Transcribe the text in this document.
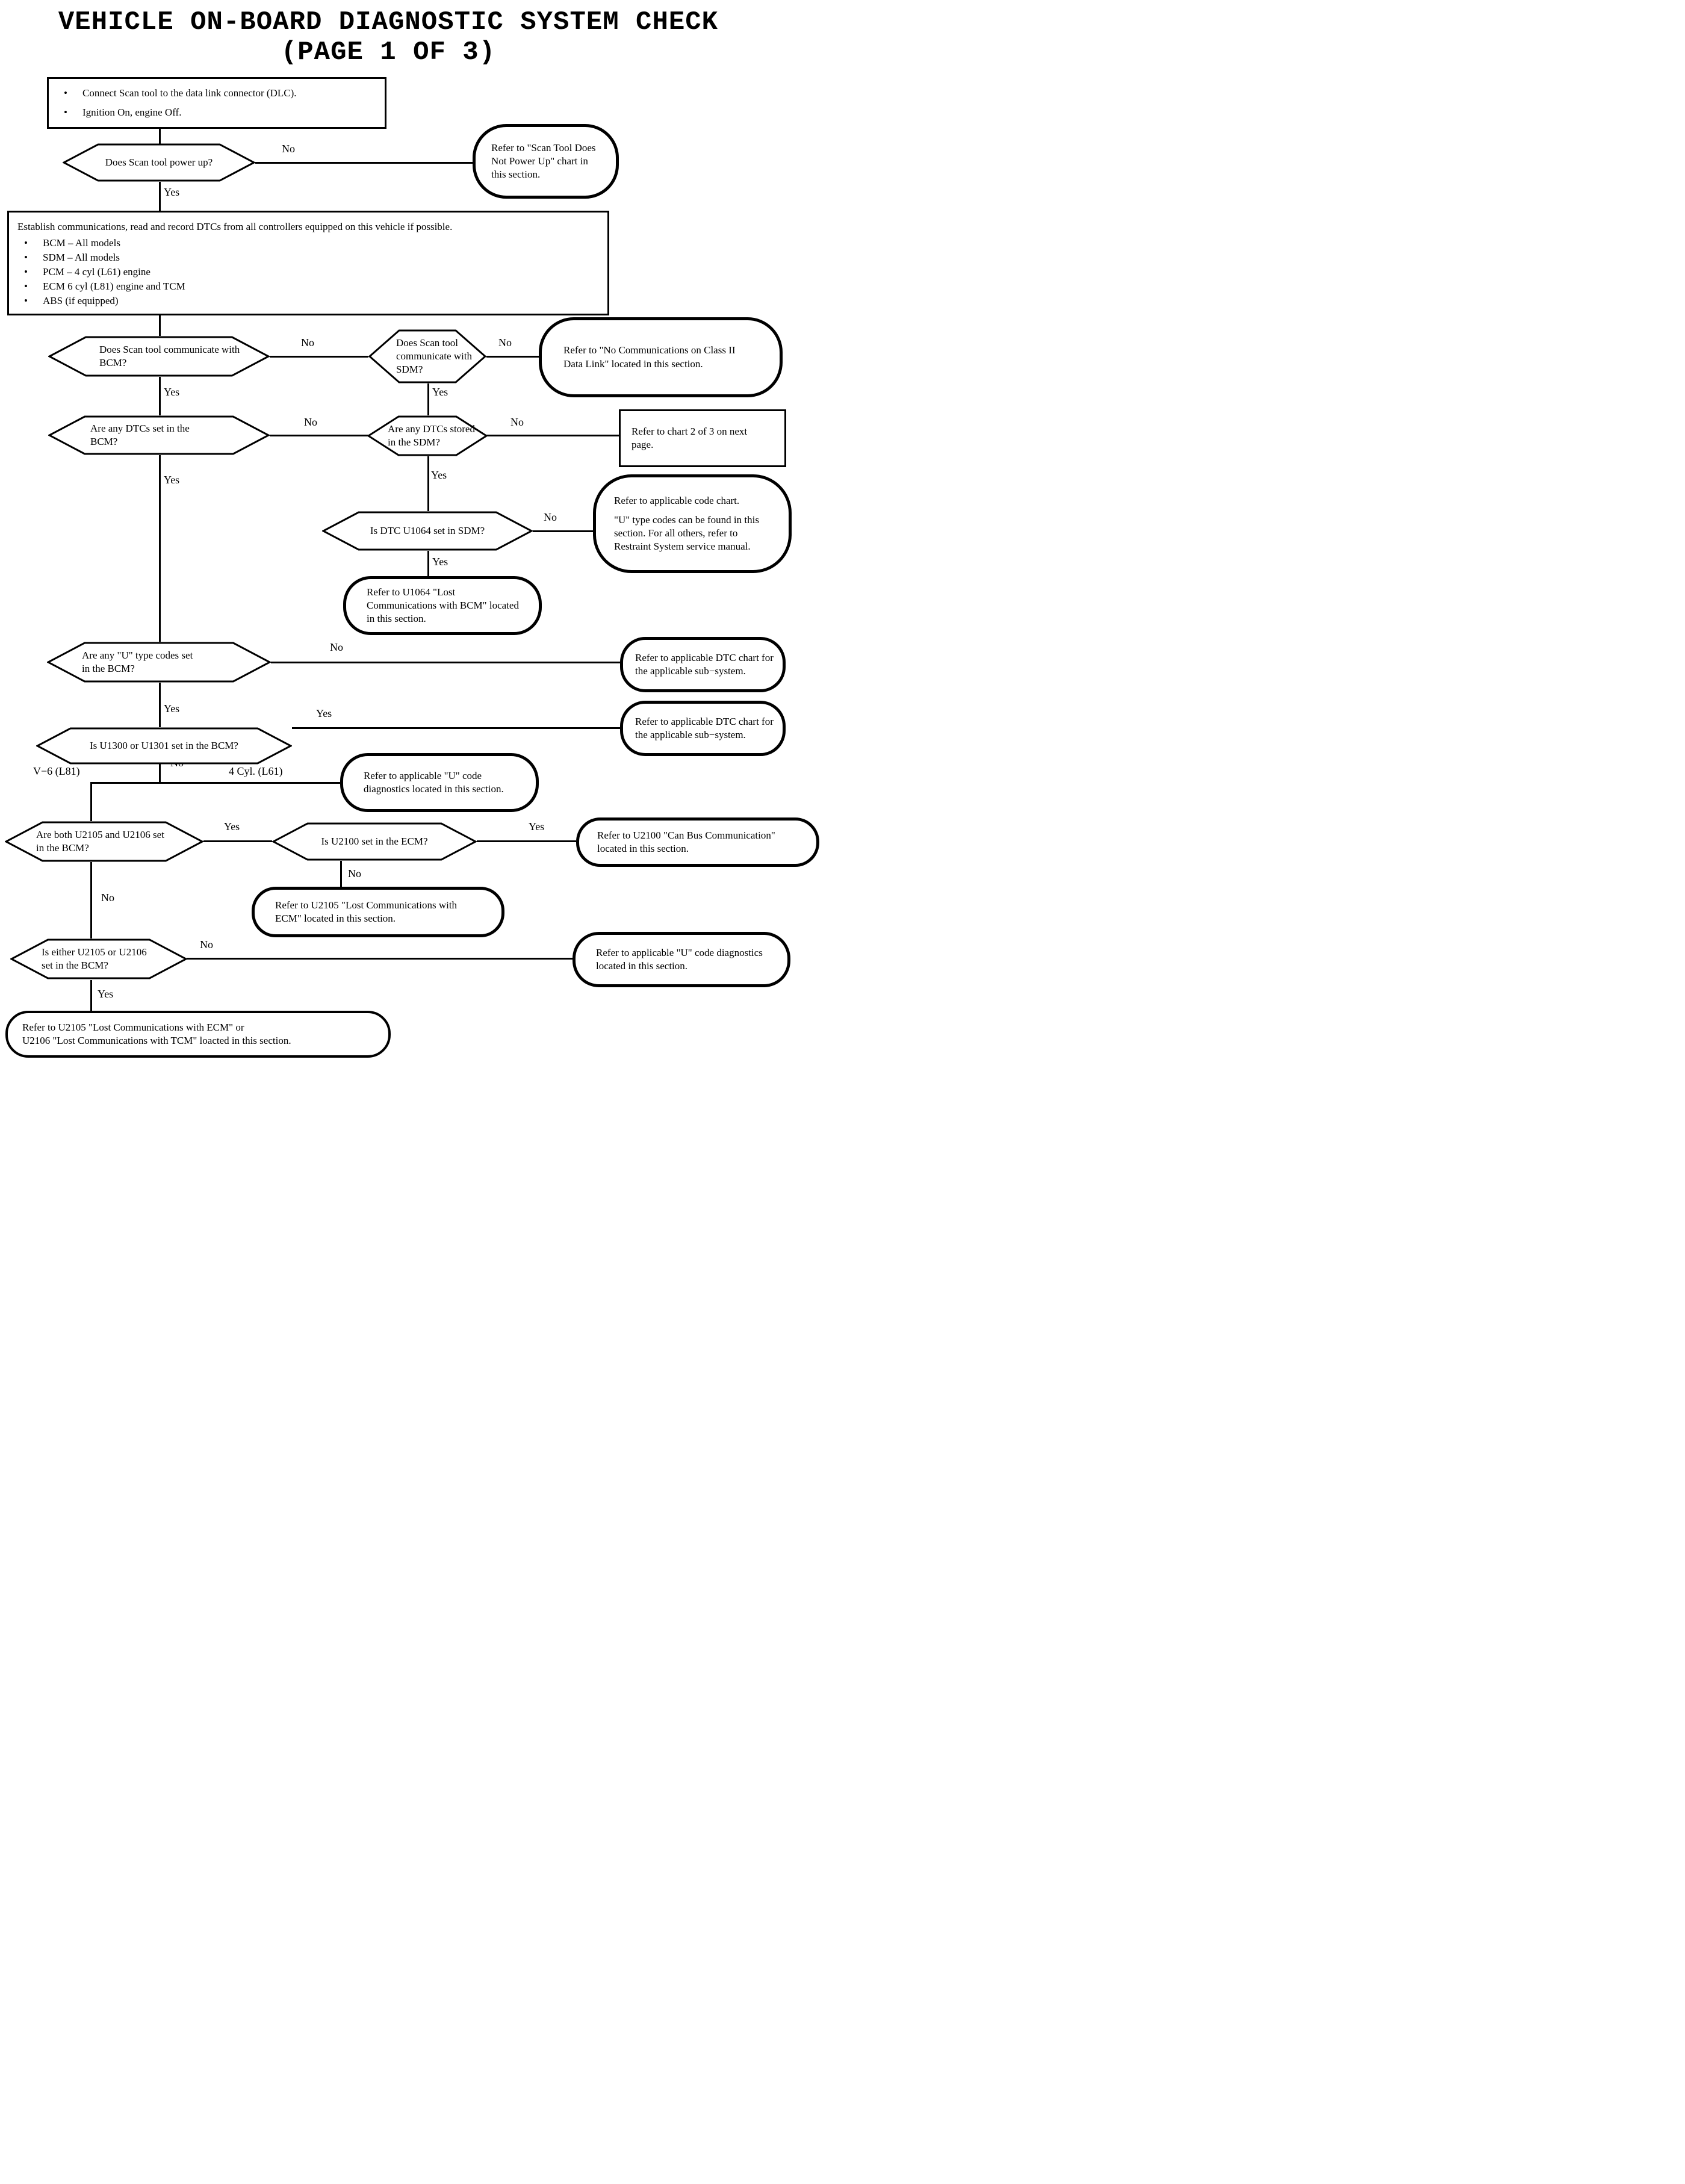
VEHICLE ON-BOARD DIAGNOSTIC SYSTEM CHECK
(PAGE 1 OF 3)
No
Yes
No	No
Yes	Yes
No	No
Yes	Yes
No
Yes
No
Yes	Yes
V−6 (L81)	4 Cyl. (L61)
Yes	Yes
No
No
No
Yes
•	Connect Scan tool to the data link connector (DLC).
•	Ignition On, engine Off.
Does Scan tool power up?
Refer to "Scan Tool Does Not Power Up" chart in this section.
Establish communications, read and record DTCs from all controllers equipped on this vehicle if possible.
•	BCM – All models
•	SDM – All models
•	PCM – 4 cyl (L61) engine
•	ECM 6 cyl (L81) engine and TCM
•	ABS (if equipped)
Does Scan tool communicate with BCM?
Does Scan tool communicate with SDM?
Refer to "No Communications on Class II Data Link" located in this section.
Are any DTCs set in the BCM?
Are any DTCs stored in the SDM?
Refer to chart 2 of 3 on next page.
Is DTC U1064 set in SDM?
Refer to applicable code chart.
"U" type codes can be found in this section. For all others, refer to Restraint System service manual.
Refer to U1064 "Lost Communications with BCM" located in this section.
Are any "U" type codes set in the BCM?
Refer to applicable DTC chart for the applicable sub−system.
Is U1300 or U1301 set in the BCM?
Refer to applicable DTC chart for the applicable sub−system.
Refer to applicable "U" code diagnostics located in this section.
Are both U2105 and U2106 set in the BCM?
Is U2100 set in the ECM?
Refer to U2100 "Can Bus Communication" located in this section.
Refer to U2105 "Lost Communications with ECM" located in this section.
Is either U2105 or U2106 set in the BCM?
Refer to applicable "U" code diagnostics located in this section.
Refer to U2105 "Lost Communications with ECM" or
U2106 "Lost Communications with TCM" loacted in this section.
